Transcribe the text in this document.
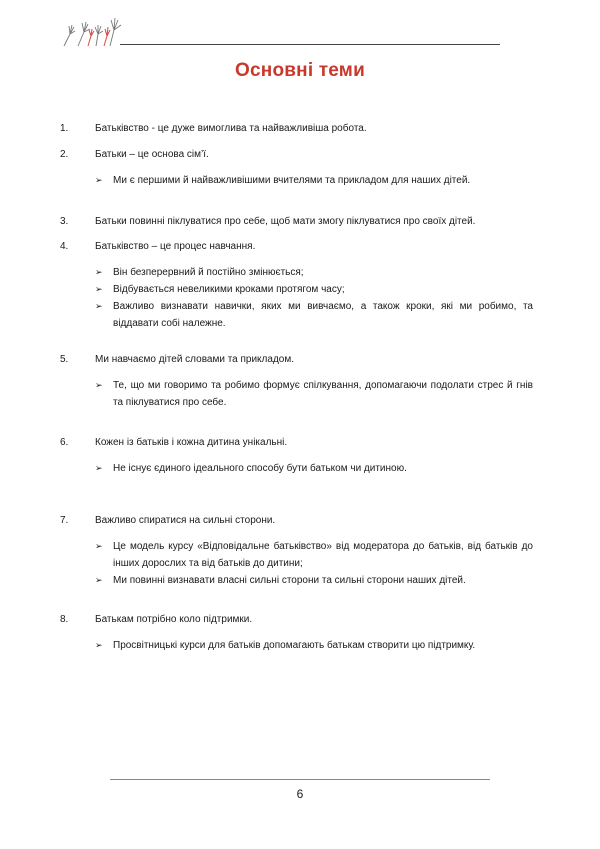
Основні теми
1.	Батьківство - це дуже вимоглива та найважливіша робота.
2.	Батьки – це основа сім’ї.
➢ Ми є першими й найважливішими вчителями та прикладом для наших дітей.
3.	Батьки повинні піклуватися про себе, щоб мати змогу піклуватися про своїх дітей.
4.	Батьківство – це процес навчання.
➢ Він безперервний й постійно змінюється;
➢ Відбувається невеликими кроками протягом часу;
➢ Важливо визнавати навички, яких ми вивчаємо, а також кроки, які ми робимо, та віддавати собі належне.
5.	Ми навчаємо дітей словами та прикладом.
➢ Те, що ми говоримо та робимо формує спілкування, допомагаючи подолати стрес й гнів та піклуватися про себе.
6.	Кожен із батьків і кожна дитина унікальні.
➢ Не існує єдиного ідеального способу бути батьком чи дитиною.
7.	Важливо спиратися на сильні сторони.
➢ Це модель курсу «Відповідальне батьківство» від модератора до батьків, від батьків до інших дорослих та від батьків до дитини;
➢ Ми повинні визнавати власні сильні сторони та сильні сторони наших дітей.
8.	Батькам потрібно коло підтримки.
➢ Просвітницькі курси для батьків допомагають батькам створити цю підтримку.
6
